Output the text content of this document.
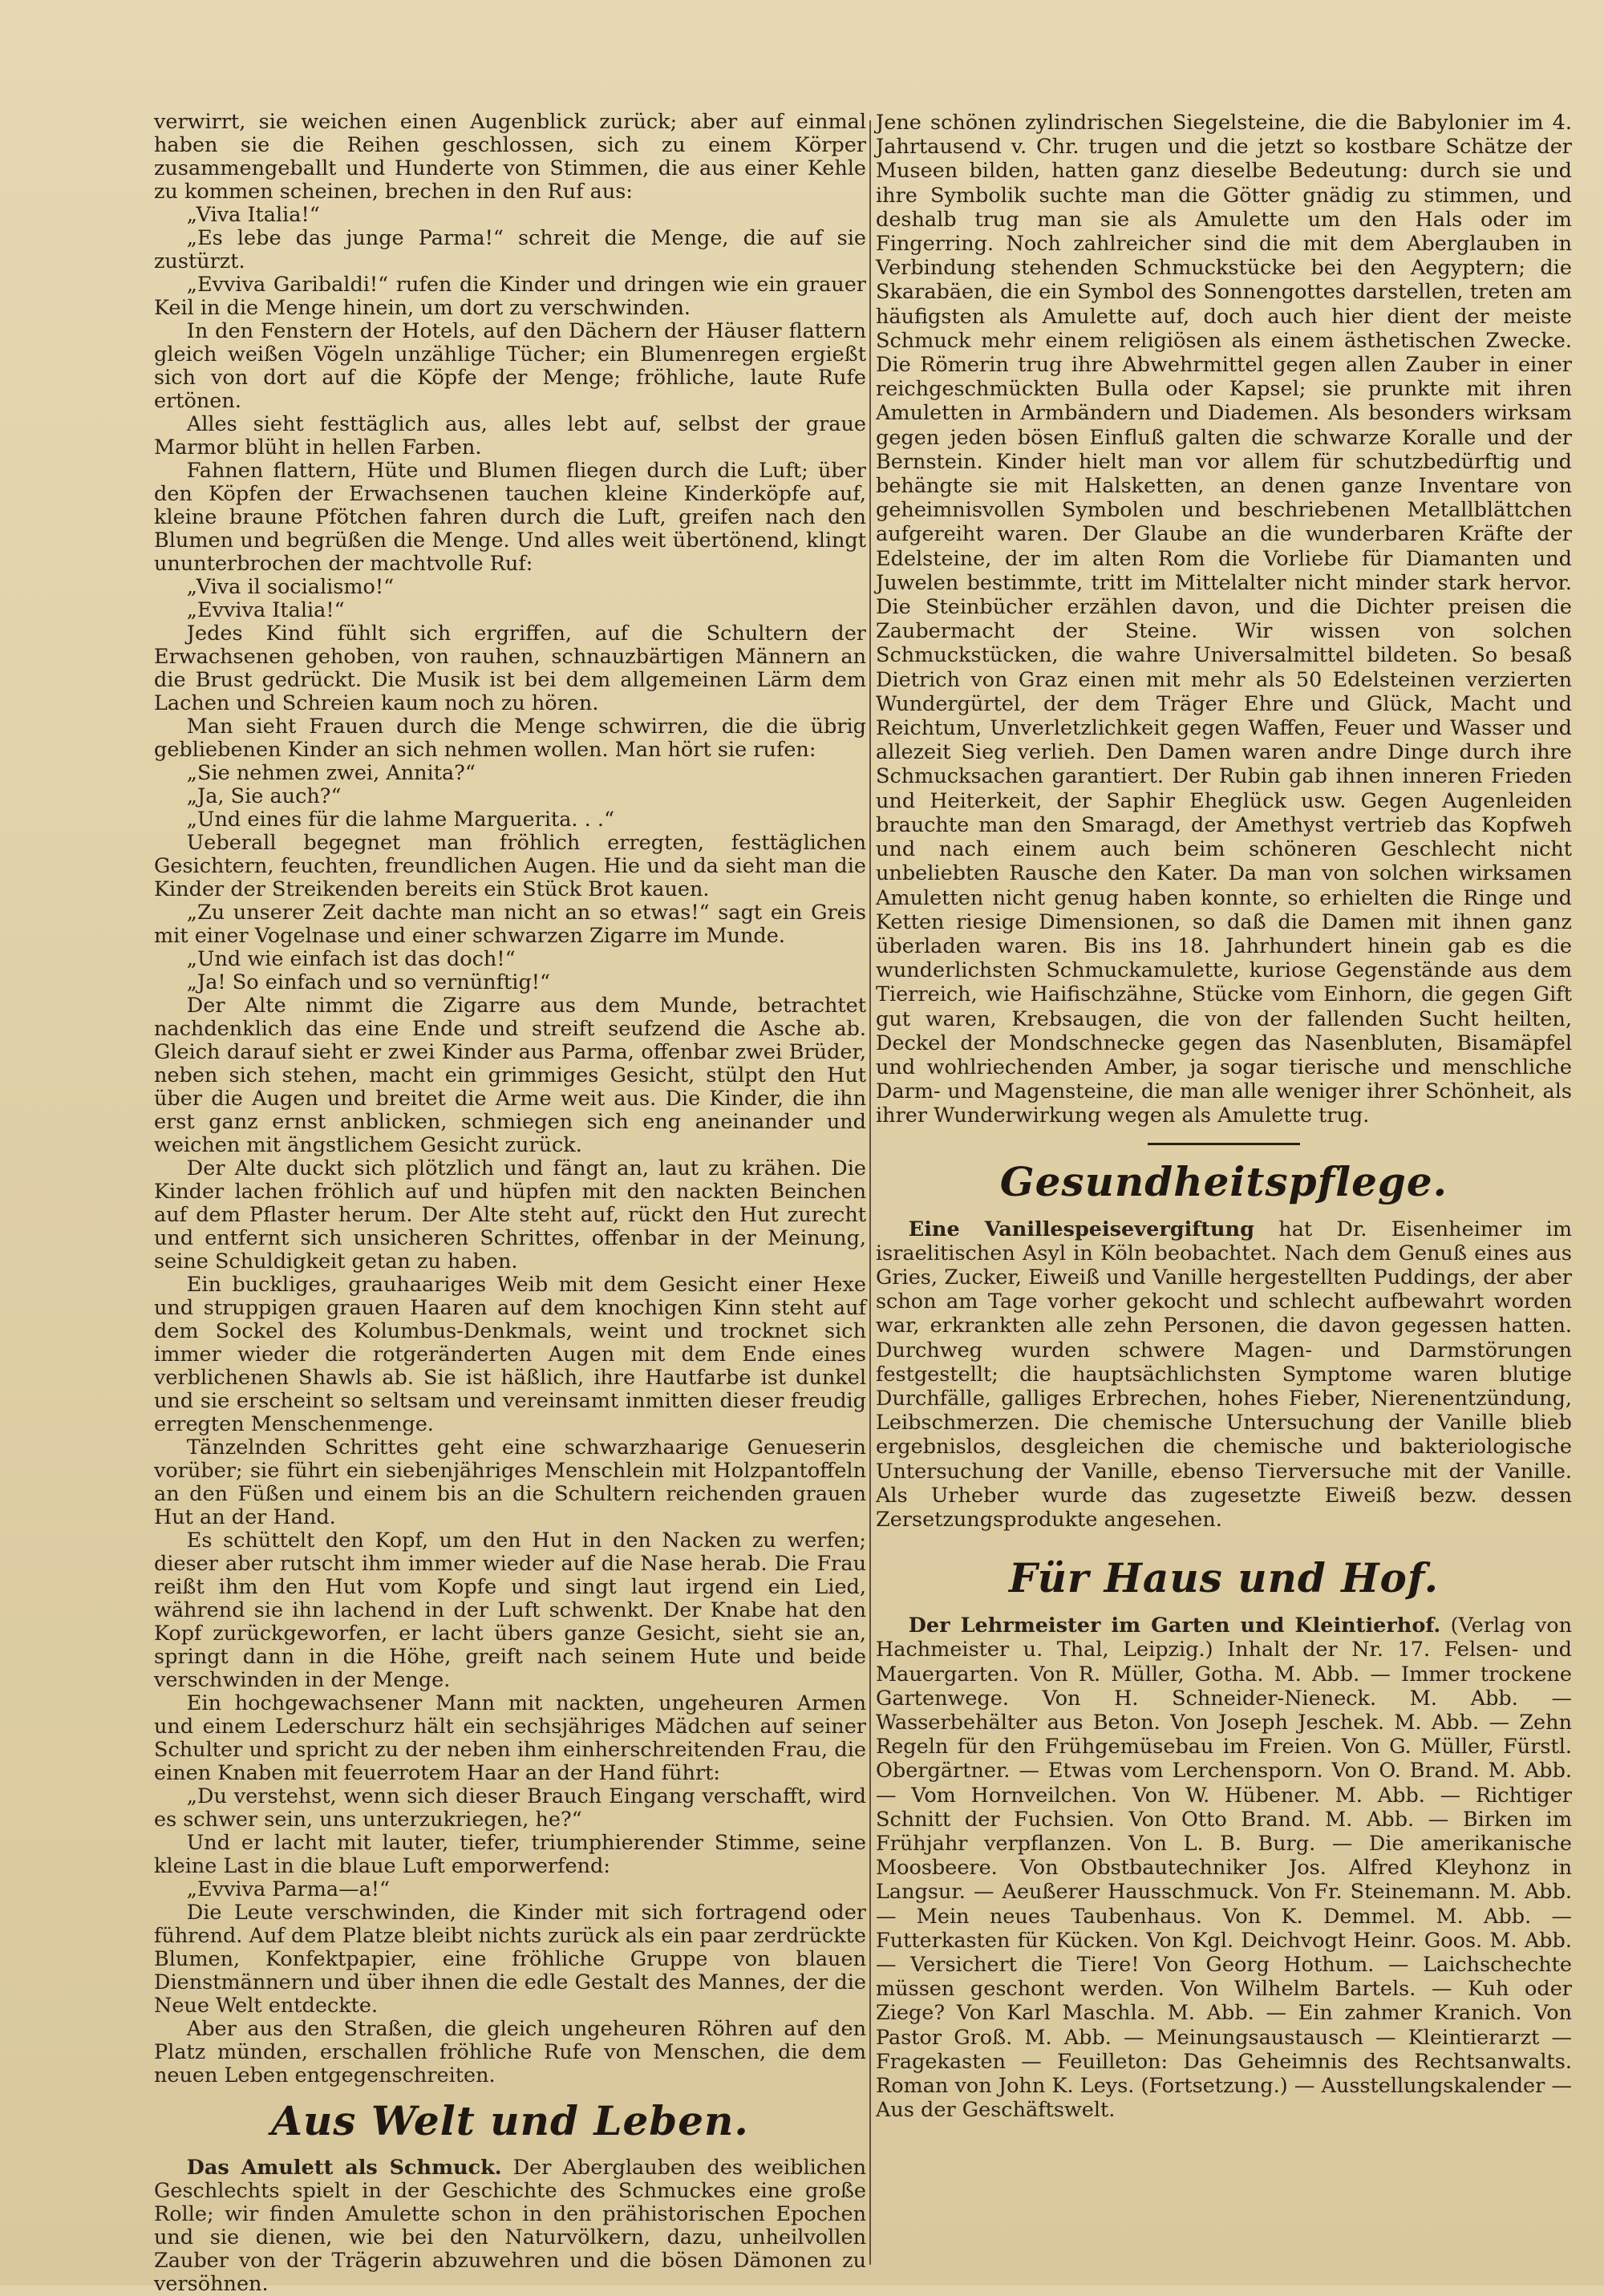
verwirrt, sie weichen einen Augenblick zurück; aber auf einmal haben sie die Reihen geschlossen, sich zu einem Körper zusammengeballt und Hunderte von Stimmen, die aus einer Kehle zu kommen scheinen, brechen in den Ruf aus:

„Viva Italia!“

„Es lebe das junge Parma!“ schreit die Menge, die auf sie zustürzt.

„Evviva Garibaldi!“ rufen die Kinder und dringen wie ein grauer Keil in die Menge hinein, um dort zu verschwinden.

In den Fenstern der Hotels, auf den Dächern der Häuser flattern gleich weißen Vögeln unzählige Tücher; ein Blumenregen ergießt sich von dort auf die Köpfe der Menge; fröhliche, laute Rufe ertönen.

Alles sieht festtäglich aus, alles lebt auf, selbst der graue Marmor blüht in hellen Farben.

Fahnen flattern, Hüte und Blumen fliegen durch die Luft; über den Köpfen der Erwachsenen tauchen kleine Kinderköpfe auf, kleine braune Pfötchen fahren durch die Luft, greifen nach den Blumen und begrüßen die Menge. Und alles weit übertönend, klingt ununterbrochen der machtvolle Ruf:

„Viva il socialismo!“

„Evviva Italia!“

Jedes Kind fühlt sich ergriffen, auf die Schultern der Erwachsenen gehoben, von rauhen, schnauzbärtigen Männern an die Brust gedrückt. Die Musik ist bei dem allgemeinen Lärm dem Lachen und Schreien kaum noch zu hören.

Man sieht Frauen durch die Menge schwirren, die die übrig gebliebenen Kinder an sich nehmen wollen. Man hört sie rufen:

„Sie nehmen zwei, Annita?“

„Ja, Sie auch?“

„Und eines für die lahme Marguerita. . .“

Ueberall begegnet man fröhlich erregten, festtäglichen Gesichtern, feuchten, freundlichen Augen. Hie und da sieht man die Kinder der Streikenden bereits ein Stück Brot kauen.

„Zu unserer Zeit dachte man nicht an so etwas!“ sagt ein Greis mit einer Vogelnase und einer schwarzen Zigarre im Munde.

„Und wie einfach ist das doch!“

„Ja! So einfach und so vernünftig!“

Der Alte nimmt die Zigarre aus dem Munde, betrachtet nachdenklich das eine Ende und streift seufzend die Asche ab. Gleich darauf sieht er zwei Kinder aus Parma, offenbar zwei Brüder, neben sich stehen, macht ein grimmiges Gesicht, stülpt den Hut über die Augen und breitet die Arme weit aus. Die Kinder, die ihn erst ganz ernst anblicken, schmiegen sich eng aneinander und weichen mit ängstlichem Gesicht zurück.

Der Alte duckt sich plötzlich und fängt an, laut zu krähen. Die Kinder lachen fröhlich auf und hüpfen mit den nackten Beinchen auf dem Pflaster herum. Der Alte steht auf, rückt den Hut zurecht und entfernt sich unsicheren Schrittes, offenbar in der Meinung, seine Schuldigkeit getan zu haben.

Ein buckliges, grauhaariges Weib mit dem Gesicht einer Hexe und struppigen grauen Haaren auf dem knochigen Kinn steht auf dem Sockel des Kolumbus-Denkmals, weint und trocknet sich immer wieder die rotgeränderten Augen mit dem Ende eines verblichenen Shawls ab. Sie ist häßlich, ihre Hautfarbe ist dunkel und sie erscheint so seltsam und vereinsamt inmitten dieser freudig erregten Menschenmenge.

Tänzelnden Schrittes geht eine schwarzhaarige Genueserin vorüber; sie führt ein siebenjähriges Menschlein mit Holzpantoffeln an den Füßen und einem bis an die Schultern reichenden grauen Hut an der Hand.

Es schüttelt den Kopf, um den Hut in den Nacken zu werfen; dieser aber rutscht ihm immer wieder auf die Nase herab. Die Frau reißt ihm den Hut vom Kopfe und singt laut irgend ein Lied, während sie ihn lachend in der Luft schwenkt. Der Knabe hat den Kopf zurückgeworfen, er lacht übers ganze Gesicht, sieht sie an, springt dann in die Höhe, greift nach seinem Hute und beide verschwinden in der Menge.

Ein hochgewachsener Mann mit nackten, ungeheuren Armen und einem Lederschurz hält ein sechsjähriges Mädchen auf seiner Schulter und spricht zu der neben ihm einherschreitenden Frau, die einen Knaben mit feuerrotem Haar an der Hand führt:

„Du verstehst, wenn sich dieser Brauch Eingang verschafft, wird es schwer sein, uns unterzukriegen, he?“

Und er lacht mit lauter, tiefer, triumphierender Stimme, seine kleine Last in die blaue Luft emporwerfend:

„Evviva Parma—a!“

Die Leute verschwinden, die Kinder mit sich fortragend oder führend. Auf dem Platze bleibt nichts zurück als ein paar zerdrückte Blumen, Konfektpapier, eine fröhliche Gruppe von blauen Dienstmännern und über ihnen die edle Gestalt des Mannes, der die Neue Welt entdeckte.

Aber aus den Straßen, die gleich ungeheuren Röhren auf den Platz münden, erschallen fröhliche Rufe von Menschen, die dem neuen Leben entgegenschreiten.

Aus Welt und Leben.

Das Amulett als Schmuck. Der Aberglauben des weiblichen Geschlechts spielt in der Geschichte des Schmuckes eine große Rolle; wir finden Amulette schon in den prähistorischen Epochen und sie dienen, wie bei den Naturvölkern, dazu, unheilvollen Zauber von der Trägerin abzuwehren und die bösen Dämonen zu versöhnen.

Jene schönen zylindrischen Siegelsteine, die die Babylonier im 4. Jahrtausend v. Chr. trugen und die jetzt so kostbare Schätze der Museen bilden, hatten ganz dieselbe Bedeutung: durch sie und ihre Symbolik suchte man die Götter gnädig zu stimmen, und deshalb trug man sie als Amulette um den Hals oder im Fingerring. Noch zahlreicher sind die mit dem Aberglauben in Verbindung stehenden Schmuckstücke bei den Aegyptern; die Skarabäen, die ein Symbol des Sonnengottes darstellen, treten am häufigsten als Amulette auf, doch auch hier dient der meiste Schmuck mehr einem religiösen als einem ästhetischen Zwecke. Die Römerin trug ihre Abwehrmittel gegen allen Zauber in einer reichgeschmückten Bulla oder Kapsel; sie prunkte mit ihren Amuletten in Armbändern und Diademen. Als besonders wirksam gegen jeden bösen Einfluß galten die schwarze Koralle und der Bernstein. Kinder hielt man vor allem für schutzbedürftig und behängte sie mit Halsketten, an denen ganze Inventare von geheimnisvollen Symbolen und beschriebenen Metallblättchen aufgereiht waren. Der Glaube an die wunderbaren Kräfte der Edelsteine, der im alten Rom die Vorliebe für Diamanten und Juwelen bestimmte, tritt im Mittelalter nicht minder stark hervor. Die Steinbücher erzählen davon, und die Dichter preisen die Zaubermacht der Steine. Wir wissen von solchen Schmuckstücken, die wahre Universalmittel bildeten. So besaß Dietrich von Graz einen mit mehr als 50 Edelsteinen verzierten Wundergürtel, der dem Träger Ehre und Glück, Macht und Reichtum, Unverletzlichkeit gegen Waffen, Feuer und Wasser und allezeit Sieg verlieh. Den Damen waren andre Dinge durch ihre Schmucksachen garantiert. Der Rubin gab ihnen inneren Frieden und Heiterkeit, der Saphir Eheglück usw. Gegen Augenleiden brauchte man den Smaragd, der Amethyst vertrieb das Kopfweh und nach einem auch beim schöneren Geschlecht nicht unbeliebten Rausche den Kater. Da man von solchen wirksamen Amuletten nicht genug haben konnte, so erhielten die Ringe und Ketten riesige Dimensionen, so daß die Damen mit ihnen ganz überladen waren. Bis ins 18. Jahrhundert hinein gab es die wunderlichsten Schmuckamulette, kuriose Gegenstände aus dem Tierreich, wie Haifischzähne, Stücke vom Einhorn, die gegen Gift gut waren, Krebsaugen, die von der fallenden Sucht heilten, Deckel der Mondschnecke gegen das Nasenbluten, Bisamäpfel und wohlriechenden Amber, ja sogar tierische und menschliche Darm- und Magensteine, die man alle weniger ihrer Schönheit, als ihrer Wunderwirkung wegen als Amulette trug.

Gesundheitspflege.

Eine Vanillespeisevergiftung hat Dr. Eisenheimer im israelitischen Asyl in Köln beobachtet. Nach dem Genuß eines aus Gries, Zucker, Eiweiß und Vanille hergestellten Puddings, der aber schon am Tage vorher gekocht und schlecht aufbewahrt worden war, erkrankten alle zehn Personen, die davon gegessen hatten. Durchweg wurden schwere Magen- und Darmstörungen festgestellt; die hauptsächlichsten Symptome waren blutige Durchfälle, galliges Erbrechen, hohes Fieber, Nierenentzündung, Leibschmerzen. Die chemische Untersuchung der Vanille blieb ergebnislos, desgleichen die chemische und bakteriologische Untersuchung der Vanille, ebenso Tierversuche mit der Vanille. Als Urheber wurde das zugesetzte Eiweiß bezw. dessen Zersetzungsprodukte angesehen.

Für Haus und Hof.

Der Lehrmeister im Garten und Kleintierhof. (Verlag von Hachmeister u. Thal, Leipzig.) Inhalt der Nr. 17. Felsen- und Mauergarten. Von R. Müller, Gotha. M. Abb. — Immer trockene Gartenwege. Von H. Schneider-Nieneck. M. Abb. — Wasserbehälter aus Beton. Von Joseph Jeschek. M. Abb. — Zehn Regeln für den Frühgemüsebau im Freien. Von G. Müller, Fürstl. Obergärtner. — Etwas vom Lerchensporn. Von O. Brand. M. Abb. — Vom Hornveilchen. Von W. Hübener. M. Abb. — Richtiger Schnitt der Fuchsien. Von Otto Brand. M. Abb. — Birken im Frühjahr verpflanzen. Von L. B. Burg. — Die amerikanische Moosbeere. Von Obstbautechniker Jos. Alfred Kleyhonz in Langsur. — Aeußerer Hausschmuck. Von Fr. Steinemann. M. Abb. — Mein neues Taubenhaus. Von K. Demmel. M. Abb. — Futterkasten für Kücken. Von Kgl. Deichvogt Heinr. Goos. M. Abb. — Versichert die Tiere! Von Georg Hothum. — Laichschechte müssen geschont werden. Von Wilhelm Bartels. — Kuh oder Ziege? Von Karl Maschla. M. Abb. — Ein zahmer Kranich. Von Pastor Groß. M. Abb. — Meinungsaustausch — Kleintierarzt — Fragekasten — Feuilleton: Das Geheimnis des Rechtsanwalts. Roman von John K. Leys. (Fortsetzung.) — Ausstellungskalender — Aus der Geschäftswelt.
